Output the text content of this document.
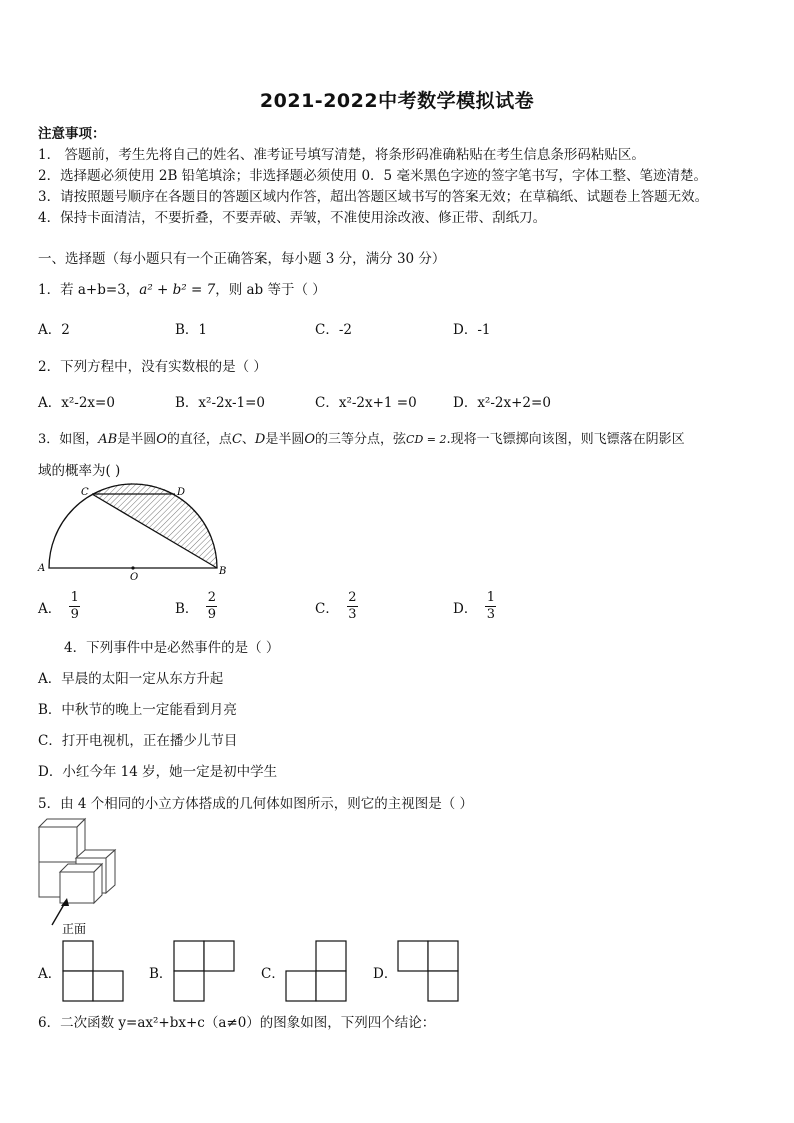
2021-2022中考数学模拟试卷
注意事项：
1． 答题前，考生先将自己的姓名、准考证号填写清楚，将条形码准确粘贴在考生信息条形码粘贴区。
2．选择题必须使用 2B 铅笔填涂；非选择题必须使用 0．5 毫米黑色字迹的签字笔书写，字体工整、笔迹清楚。
3．请按照题号顺序在各题目的答题区域内作答，超出答题区域书写的答案无效；在草稿纸、试题卷上答题无效。
4．保持卡面清洁，不要折叠，不要弄破、弄皱，不准使用涂改液、修正带、刮纸刀。
一、选择题（每小题只有一个正确答案，每小题 3 分，满分 30 分）
1．若 a+b=3，a² + b² = 7，则 ab 等于（ ）
A．2	B．1	C．-2	D．-1
2．下列方程中，没有实数根的是（ ）
A．x²-2x=0	B．x²-2x-1=0	C．x²-2x+1 =0	D．x²-2x+2=0
3．如图，AB是半圆O的直径，点C、D是半圆O的三等分点，弦CD = 2.现将一飞镖掷向该图，则飞镖落在阴影区
域的概率为( )
A	B
C	D
O
A． $\frac{1}{9}$	B． $\frac{2}{9}$	C． $\frac{2}{3}$	D． $\frac{1}{3}$
4．下列事件中是必然事件的是（ ）
A．早晨的太阳一定从东方升起
B．中秋节的晚上一定能看到月亮
C．打开电视机，正在播少儿节目
D．小红今年 14 岁，她一定是初中学生
5．由 4 个相同的小立方体搭成的几何体如图所示，则它的主视图是（ ）
正面
A．	B．	C．	D．
6．二次函数 y=ax²+bx+c（a≠0）的图象如图，下列四个结论：
